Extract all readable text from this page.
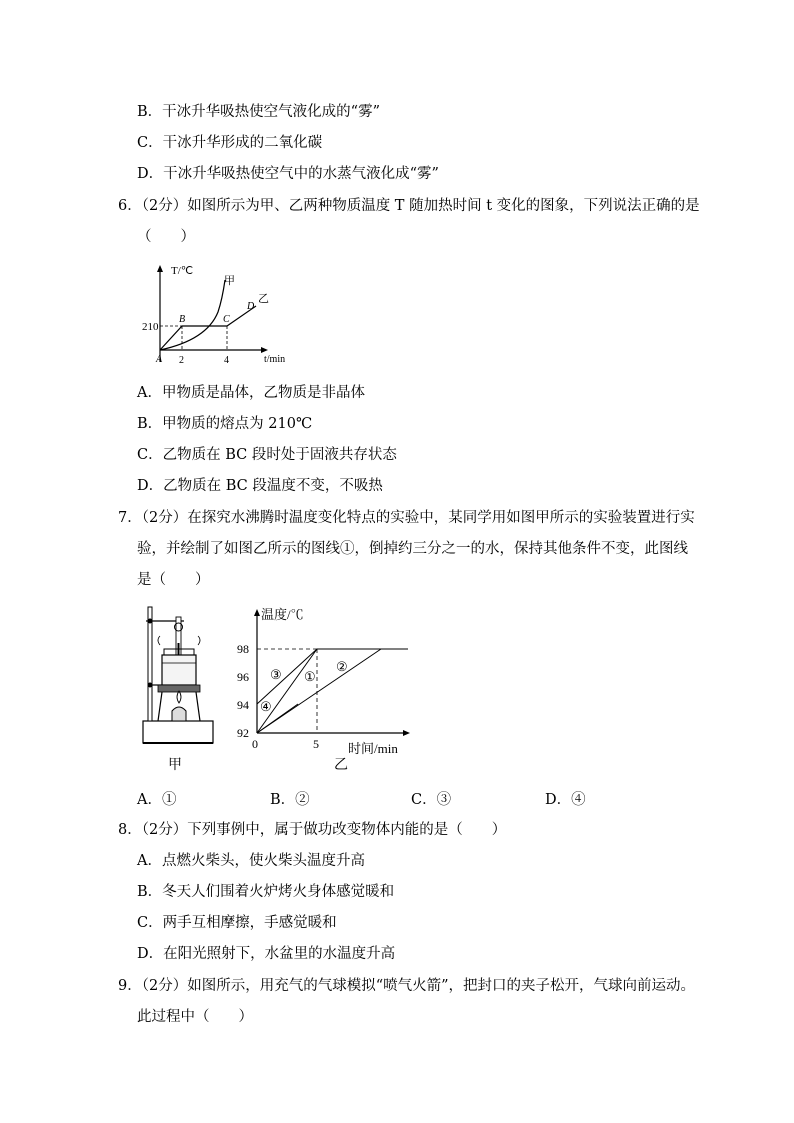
B．干冰升华吸热使空气液化成的“雾”
C．干冰升华形成的二氧化碳
D．干冰升华吸热使空气中的水蒸气液化成“雾”
6．（2分）如图所示为甲、乙两种物质温度 T 随加热时间 t 变化的图象，下列说法正确的是
（　　）
T/℃
t/min
210
2	4
A
B	C
D
甲
乙
A．甲物质是晶体，乙物质是非晶体
B．甲物质的熔点为 210℃
C．乙物质在 BC 段时处于固液共存状态
D．乙物质在 BC 段温度不变，不吸热
7．（2分）在探究水沸腾时温度变化特点的实验中，某同学用如图甲所示的实验装置进行实
验，并绘制了如图乙所示的图线①，倒掉约三分之一的水，保持其他条件不变，此图线
是（　　）
甲
98
96
94
92
0	5
温度/℃
时间/min
①
②
③
④
乙
A．①	B．②	C．③	D．④
8．（2分）下列事例中，属于做功改变物体内能的是（　　）
A．点燃火柴头，使火柴头温度升高
B．冬天人们围着火炉烤火身体感觉暖和
C．两手互相摩擦，手感觉暖和
D．在阳光照射下，水盆里的水温度升高
9．（2分）如图所示，用充气的气球模拟“喷气火箭”，把封口的夹子松开，气球向前运动。
此过程中（　　）
